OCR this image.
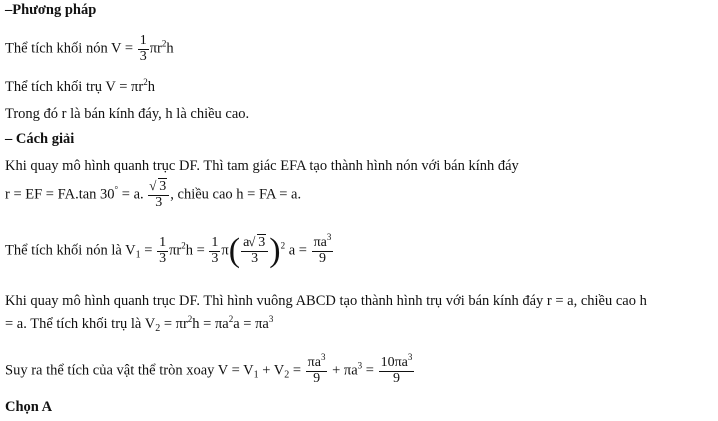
–Phương pháp
Thể tích khối nón $V = \frac{1}{3} \pi r^2h$
Thể tích khối trụ $V = \pi r^2h$
Trong đó r là bán kính đáy, h là chiều cao.
– Cách giải
Khi quay mô hình quanh trục DF. Thì tam giác EFA tạo thành hình nón với bán kính đáy
r = EF = FA.tan 30° = a. √ $\frac{3}{3}$ , chiều cao h = FA = a.
Thể tích khối nón là $V_1 = \frac{1}{3} \pi r^2h = \frac{1}{3} \pi( \frac{a √ 3}{3} )^2$ $a = \frac{\pi a^3}{9}$
Khi quay mô hình quanh trục DF. Thì hình vuông ABCD tạo thành hình trụ với bán kính đáy r = a, chiều cao h
= a. Thể tích khối trụ là $V_2 = \pi r^2h = \pi a^2a = \pi a^3$
Suy ra thể tích của vật thể tròn xoay $V = V_1 + V_2 = \frac{\pi a^3}{9} + \pi a^3 = \frac{10\pi a^3}{9}$
Chọn A
